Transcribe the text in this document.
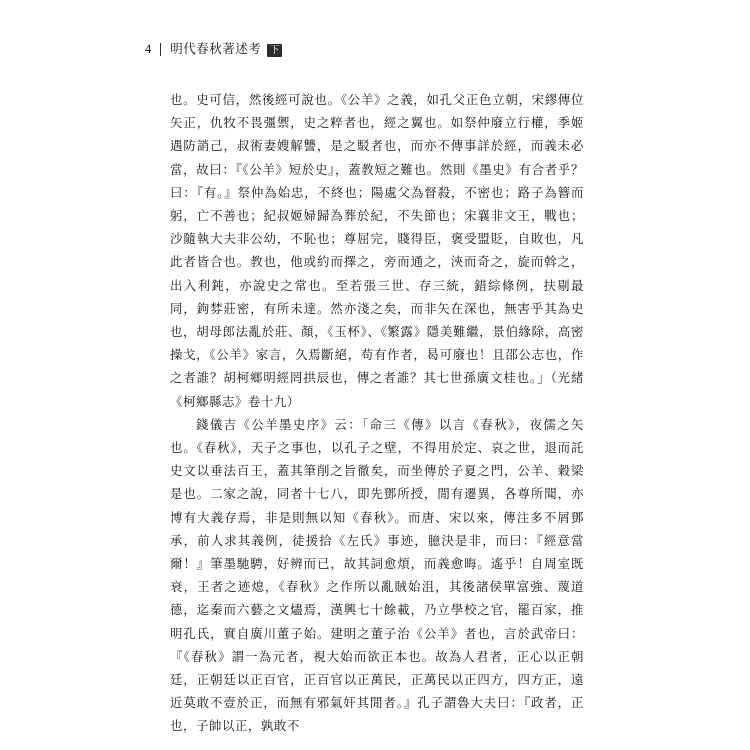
4 明代春秋著述考 下

也。史可信，然後經可說也。《公羊》之義，如孔父正色立朝，宋繆傳位矢正，仇牧不畏彊禦，史之粹者也，經之翼也。如祭仲廢立行權，季姬遇防誚己，叔術妻嫂解讐，是之駁者也，而亦不傳事詳於經，而義未必當，故曰：『《公羊》短於史』，蓋教短之難也。然則《墨史》有合者乎？曰：『有。』祭仲為始忠，不終也；陽處父為督殺，不密也；路子為簪而躬，亡不善也；紀叔姬婦歸為葬於紀，不失節也；宋襄非文王，戰也；沙隨執大夫非公幼，不恥也；尊屈完，賤得臣，褒受盟貶，自敗也，凡此者皆合也。教也，他或約而擇之，旁而通之，浹而奇之，旋而斡之，出入利鈍，亦說史之常也。至若張三世、存三統，錯綜條例，扶剔最同，鉤棼莊密，有所未達。然亦淺之矣，而非矢在深也，無害乎其為史也，胡母郎法亂於莊、顏，《玉杯》、《繁露》隱美難繼，景伯緣除，高密操戈，《公羊》家言，久焉斷絕，苟有作者，曷可廢也！且邵公志也，作之者誰？胡柯鄉明經罔拱辰也，傳之者誰？其七世孫廣文桂也。」（光緒《柯鄉縣志》卷十九）

錢儀吉《公羊墨史序》云：「命三《傳》以言《春秋》，夜儒之矢也。《春秋》，天子之事也，以孔子之壁，不得用於定、哀之世，退而託史文以垂法百王，蓋其筆削之旨徹矣，而坐傳於子夏之門，公羊、穀梁是也。二家之說，同者十七八，即先鄧所授，閒有遷異，各尊所聞，亦博有大義存焉，非是則無以知《春秋》。而唐、宋以來，傳注多不屑鄧承，前人求其義例，徒援拾《左氏》事迹，臆決是非，而曰：『經意當爾！』筆墨馳騁，好辨而已，故其詞愈煩，而義愈晦。遙乎！自周室既衰，王者之迹熄，《春秋》之作所以亂賊始沮，其後諸侯單富強、蔑道德，迄秦而六藝之文燼焉，漢興七十餘載，乃立學校之官，罷百家，推明孔氏，實自廣川董子始。建明之董子治《公羊》者也，言於武帝曰：『《春秋》謂一為元者，視大始而欲正本也。故為人君者，正心以正朝廷，正朝廷以正百官，正百官以正萬民，正萬民以正四方，四方正，遠近莫敢不壹於正，而無有邪氣奸其閒者。』孔子謂魯大夫曰：『政者，正也，子帥以正，孰敢不
